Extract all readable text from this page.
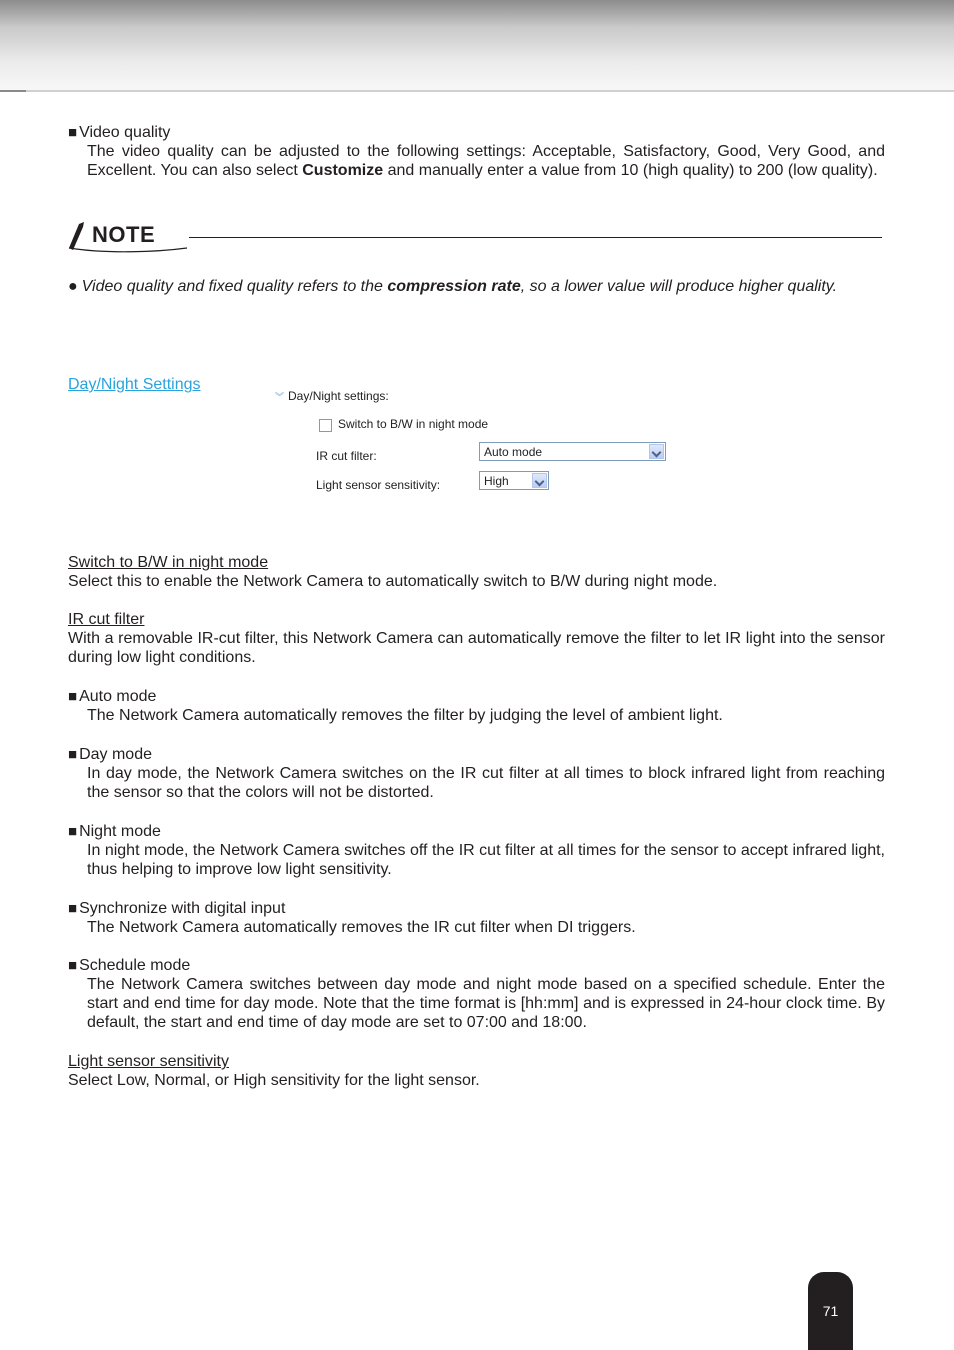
■ Video quality
The video quality can be adjusted to the following settings: Acceptable, Satisfactory, Good, Very Good, and Excellent. You can also select Customize and manually enter a value from 10 (high quality) to 200 (low quality).
NOTE
● Video quality and fixed quality refers to the compression rate, so a lower value will produce higher quality.
Day/Night Settings
︾ Day/Night settings:
Switch to B/W in night mode
IR cut filter:	Auto mode
Light sensor sensitivity:	High
Switch to B/W in night mode
Select this to enable the Network Camera to automatically switch to B/W during night mode.
IR cut filter
With a removable IR-cut filter, this Network Camera can automatically remove the filter to let IR light into the sensor during low light conditions.
■ Auto mode
The Network Camera automatically removes the filter by judging the level of ambient light.
■ Day mode
In day mode, the Network Camera switches on the IR cut filter at all times to block infrared light from reaching the sensor so that the colors will not be distorted.
■ Night mode
In night mode, the Network Camera switches off the IR cut filter at all times for the sensor to accept infrared light, thus helping to improve low light sensitivity.
■ Synchronize with digital input
The Network Camera automatically removes the IR cut filter when DI triggers.
■ Schedule mode
The Network Camera switches between day mode and night mode based on a specified schedule. Enter the start and end time for day mode. Note that the time format is [hh:mm] and is expressed in 24-hour clock time. By default, the start and end time of day mode are set to 07:00 and 18:00.
Light sensor sensitivity
Select Low, Normal, or High sensitivity for the light sensor.
71
